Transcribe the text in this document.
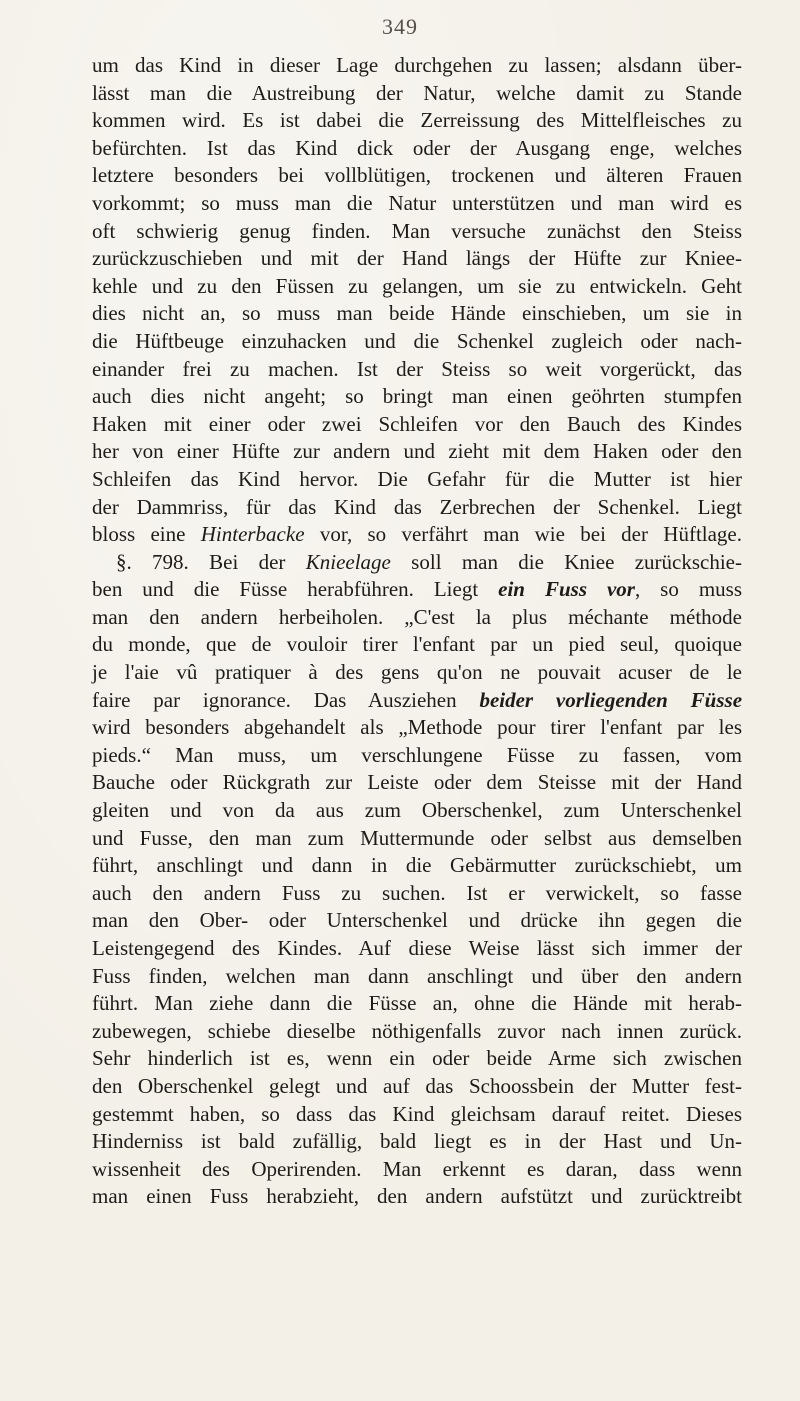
349
um das Kind in dieser Lage durchgehen zu lassen; alsdann über-
lässt man die Austreibung der Natur, welche damit zu Stande
kommen wird. Es ist dabei die Zerreissung des Mittelfleisches zu
befürchten. Ist das Kind dick oder der Ausgang enge, welches
letztere besonders bei vollblütigen, trockenen und älteren Frauen
vorkommt; so muss man die Natur unterstützen und man wird es
oft schwierig genug finden. Man versuche zunächst den Steiss
zurückzuschieben und mit der Hand längs der Hüfte zur Kniee-
kehle und zu den Füssen zu gelangen, um sie zu entwickeln. Geht
dies nicht an, so muss man beide Hände einschieben, um sie in
die Hüftbeuge einzuhacken und die Schenkel zugleich oder nach-
einander frei zu machen. Ist der Steiss so weit vorgerückt, das
auch dies nicht angeht; so bringt man einen geöhrten stumpfen
Haken mit einer oder zwei Schleifen vor den Bauch des Kindes
her von einer Hüfte zur andern und zieht mit dem Haken oder den
Schleifen das Kind hervor. Die Gefahr für die Mutter ist hier
der Dammriss, für das Kind das Zerbrechen der Schenkel. Liegt
bloss eine Hinterbacke vor, so verfährt man wie bei der Hüftlage.
§. 798. Bei der Knieelage soll man die Kniee zurückschie-
ben und die Füsse herabführen. Liegt ein Fuss vor, so muss
man den andern herbeiholen. „C'est la plus méchante méthode
du monde, que de vouloir tirer l'enfant par un pied seul, quoique
je l'aie vû pratiquer à des gens qu'on ne pouvait acuser de le
faire par ignorance. Das Ausziehen beider vorliegenden Füsse
wird besonders abgehandelt als „Methode pour tirer l'enfant par les
pieds.“ Man muss, um verschlungene Füsse zu fassen, vom
Bauche oder Rückgrath zur Leiste oder dem Steisse mit der Hand
gleiten und von da aus zum Oberschenkel, zum Unterschenkel
und Fusse, den man zum Muttermunde oder selbst aus demselben
führt, anschlingt und dann in die Gebärmutter zurückschiebt, um
auch den andern Fuss zu suchen. Ist er verwickelt, so fasse
man den Ober- oder Unterschenkel und drücke ihn gegen die
Leistengegend des Kindes. Auf diese Weise lässt sich immer der
Fuss finden, welchen man dann anschlingt und über den andern
führt. Man ziehe dann die Füsse an, ohne die Hände mit herab-
zubewegen, schiebe dieselbe nöthigenfalls zuvor nach innen zurück.
Sehr hinderlich ist es, wenn ein oder beide Arme sich zwischen
den Oberschenkel gelegt und auf das Schoossbein der Mutter fest-
gestemmt haben, so dass das Kind gleichsam darauf reitet. Dieses
Hinderniss ist bald zufällig, bald liegt es in der Hast und Un-
wissenheit des Operirenden. Man erkennt es daran, dass wenn
man einen Fuss herabzieht, den andern aufstützt und zurücktreibt
